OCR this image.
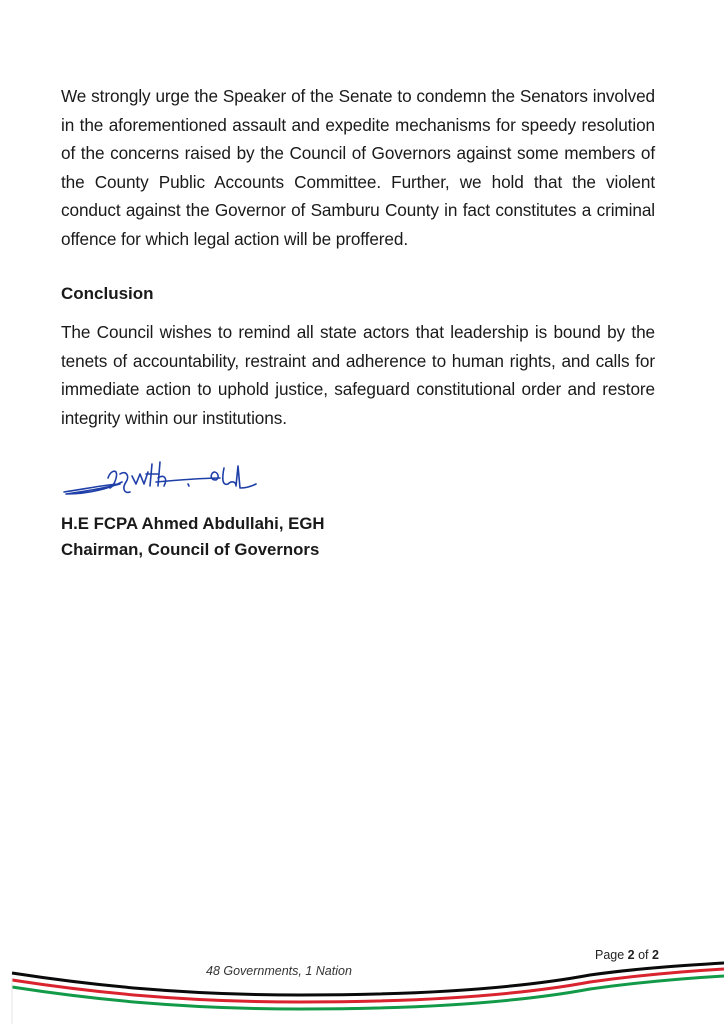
We strongly urge the Speaker of the Senate to condemn the Senators involved in the aforementioned assault and expedite mechanisms for speedy resolution of the concerns raised by the Council of Governors against some members of the County Public Accounts Committee. Further, we hold that the violent conduct against the Governor of Samburu County in fact constitutes a criminal offence for which legal action will be proffered.

Conclusion

The Council wishes to remind all state actors that leadership is bound by the tenets of accountability, restraint and adherence to human rights, and calls for immediate action to uphold justice, safeguard constitutional order and restore integrity within our institutions.

H.E FCPA Ahmed Abdullahi, EGH
Chairman, Council of Governors
48 Governments, 1 Nation
Page 2 of 2
